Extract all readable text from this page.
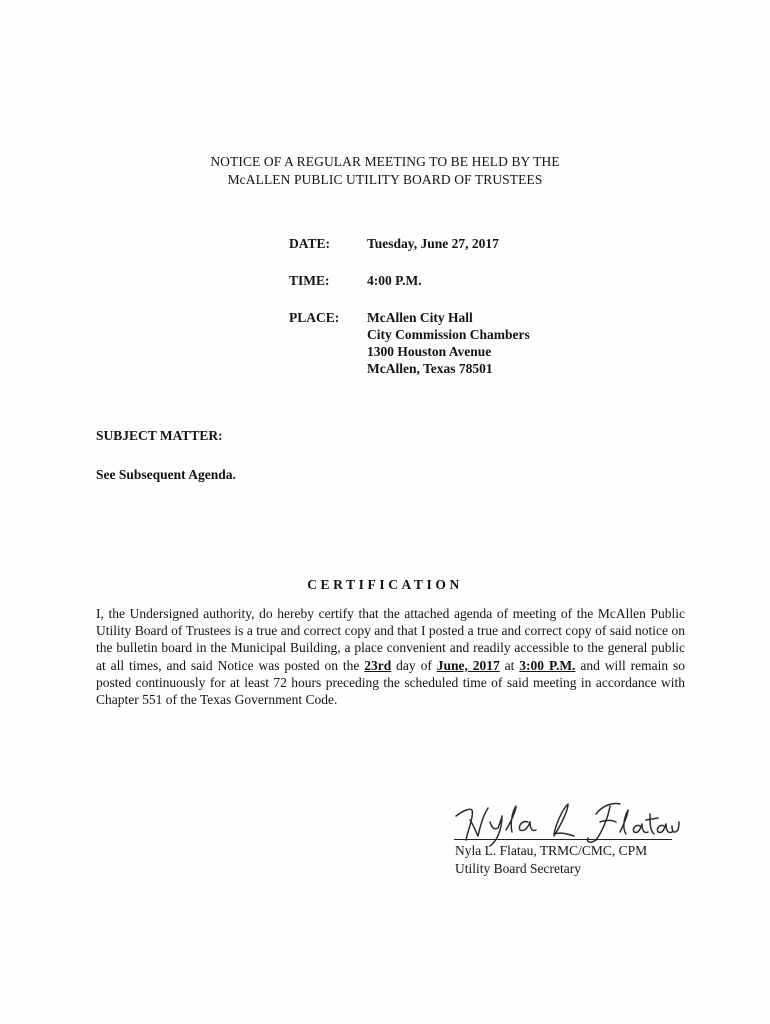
NOTICE OF A REGULAR MEETING TO BE HELD BY THE
McALLEN PUBLIC UTILITY BOARD OF TRUSTEES
DATE:	Tuesday, June 27, 2017
TIME:	4:00 P.M.
PLACE:	McAllen City Hall
City Commission Chambers
1300 Houston Avenue
McAllen, Texas 78501
SUBJECT MATTER:
See Subsequent Agenda.
CERTIFICATION
I, the Undersigned authority, do hereby certify that the attached agenda of meeting of the McAllen Public Utility Board of Trustees is a true and correct copy and that I posted a true and correct copy of said notice on the bulletin board in the Municipal Building, a place convenient and readily accessible to the general public at all times, and said Notice was posted on the 23rd day of June, 2017 at 3:00 P.M. and will remain so posted continuously for at least 72 hours preceding the scheduled time of said meeting in accordance with Chapter 551 of the Texas Government Code.
Nyla L. Flatau, TRMC/CMC, CPM
Utility Board Secretary
